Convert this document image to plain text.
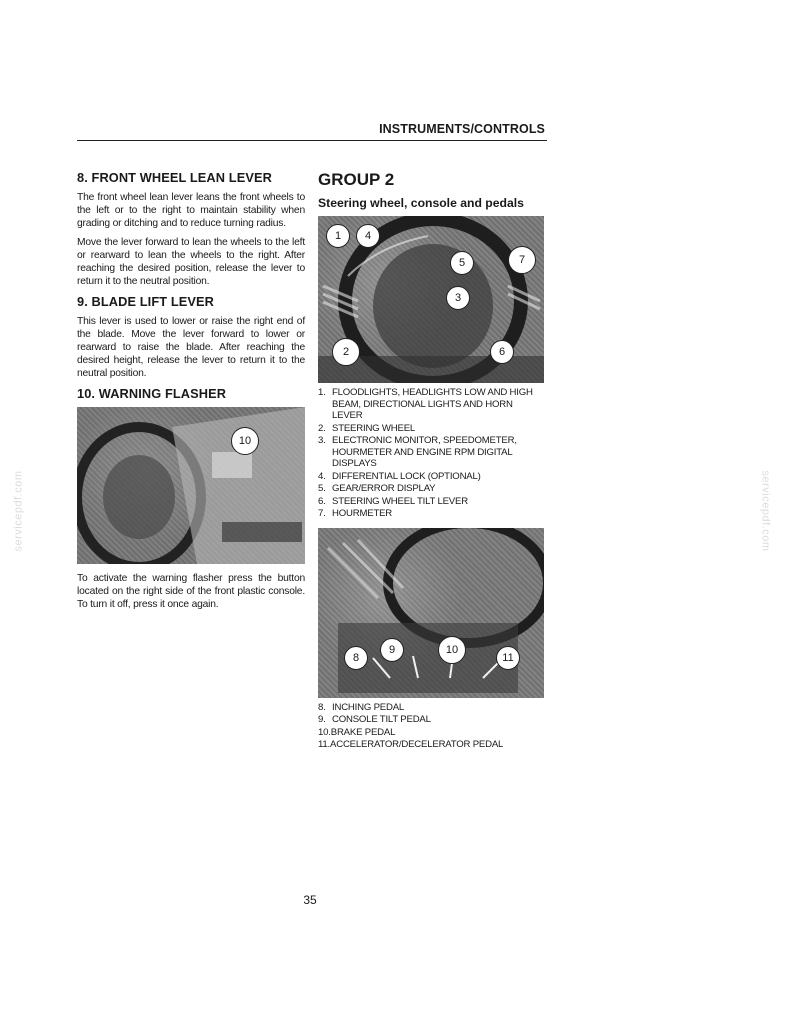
INSTRUMENTS/CONTROLS
8. FRONT WHEEL LEAN LEVER

The front wheel lean lever leans the front wheels to the left or to the right to maintain stability when grading or ditching and to reduce turning radius.

Move the lever forward to lean the wheels to the left or rearward to lean the wheels to the right. After reaching the desired position, release the lever to return it to the neutral position.

9. BLADE LIFT LEVER

This lever is used to lower or raise the right end of the blade. Move the lever forward to lower or rearward to raise the blade. After reaching the desired height, release the lever to return it to the neutral position.

10. WARNING FLASHER
10

To activate the warning flasher press the button located on the right side of the front plastic console. To turn it off, press it once again.

GROUP 2
Steering wheel, console and pedals
1	4
5	7
3
2	6
1. FLOODLIGHTS, HEADLIGHTS LOW AND HIGH BEAM, DIRECTIONAL LIGHTS AND HORN LEVER
2. STEERING WHEEL
3. ELECTRONIC MONITOR, SPEEDOMETER, HOURMETER AND ENGINE RPM DIGITAL DISPLAYS
4. DIFFERENTIAL LOCK (OPTIONAL)
5. GEAR/ERROR DISPLAY
6. STEERING WHEEL TILT LEVER
7. HOURMETER
8
9	10
11
8. INCHING PEDAL
9. CONSOLE TILT PEDAL
10. BRAKE PEDAL
11. ACCELERATOR/DECELERATOR PEDAL
35
servicepdf.com	servicepdf.com
